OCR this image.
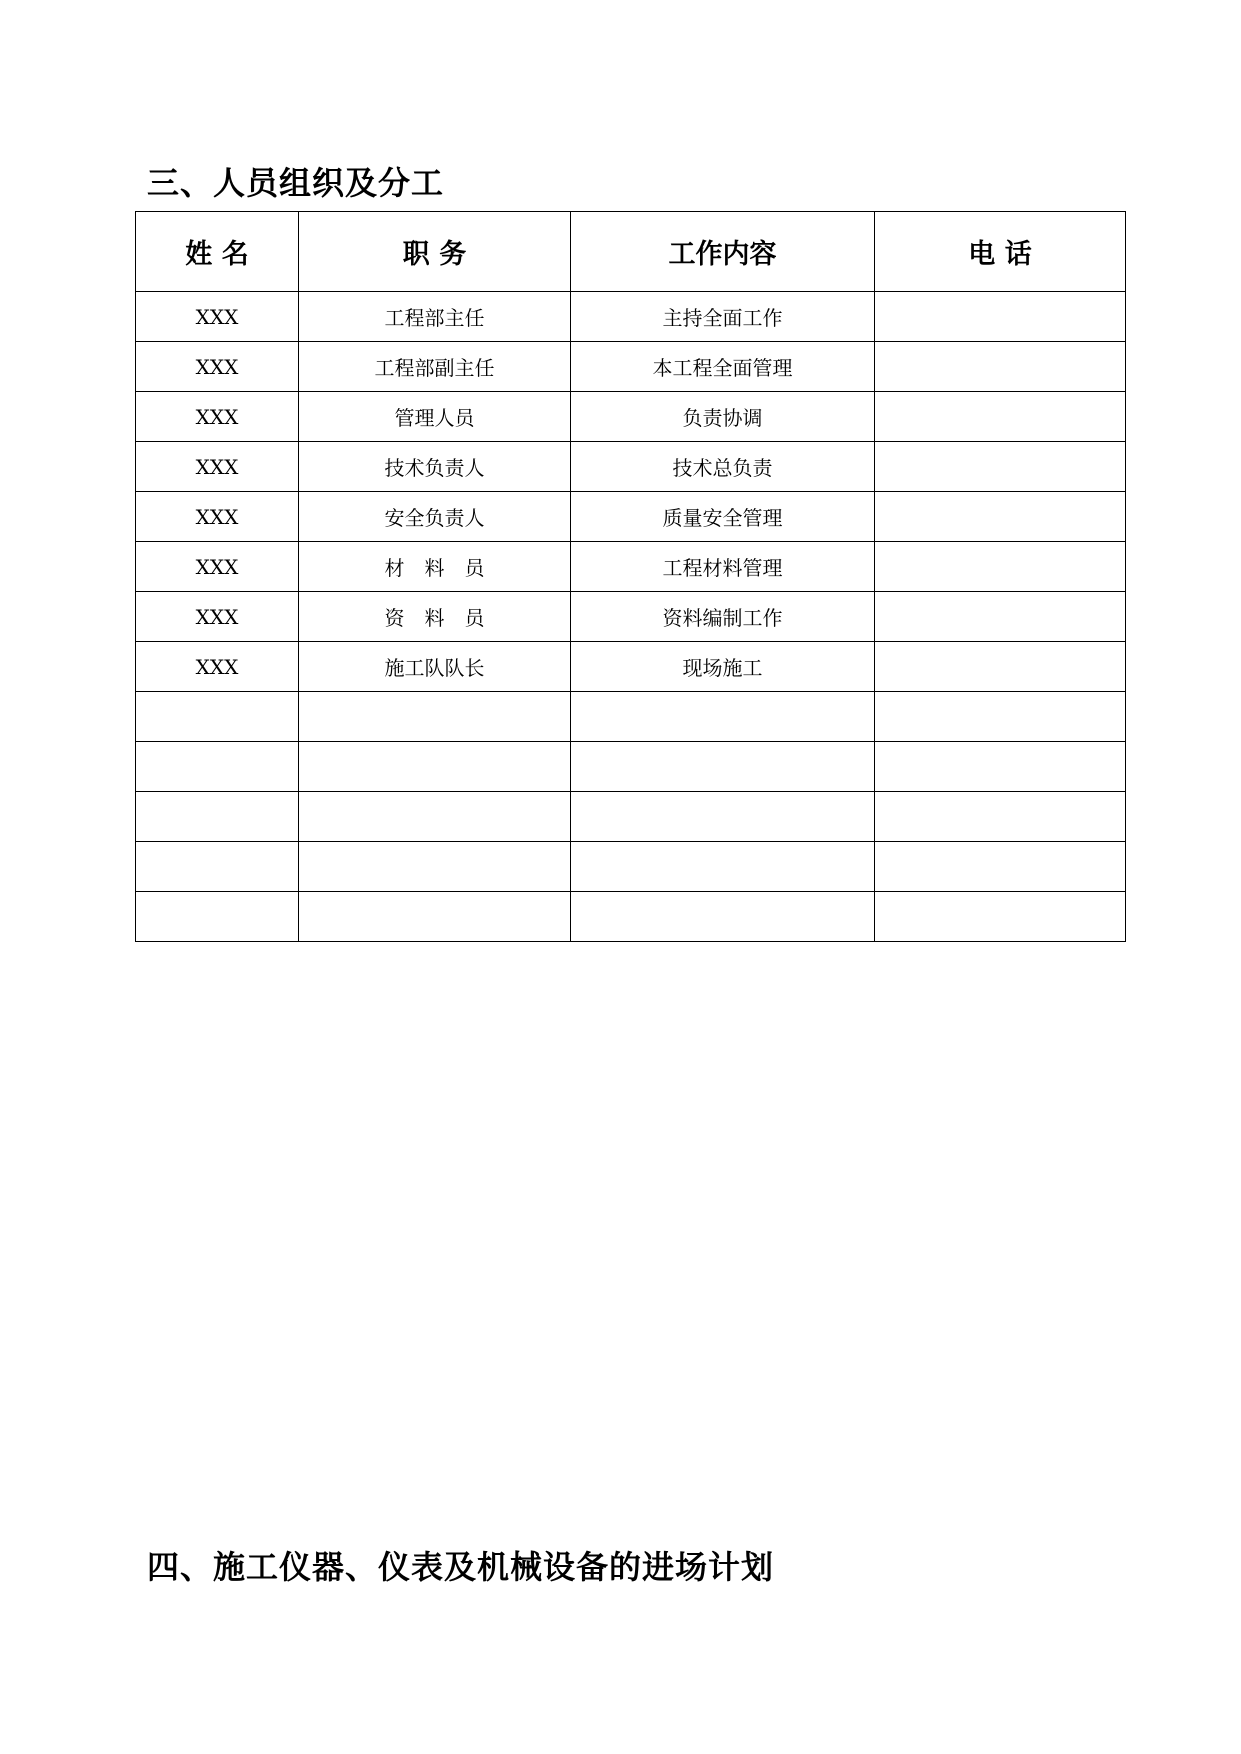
三、人员组织及分工
姓 名	职 务	工作内容	电 话
XXX	工程部主任	主持全面工作	
XXX	工程部副主任	本工程全面管理	
XXX	管理人员	负责协调	
XXX	技术负责人	技术总负责	
XXX	安全负责人	质量安全管理	
XXX	材　料　员	工程材料管理	
XXX	资　料　员	资料编制工作	
XXX	施工队队长	现场施工	

四、施工仪器、仪表及机械设备的进场计划
